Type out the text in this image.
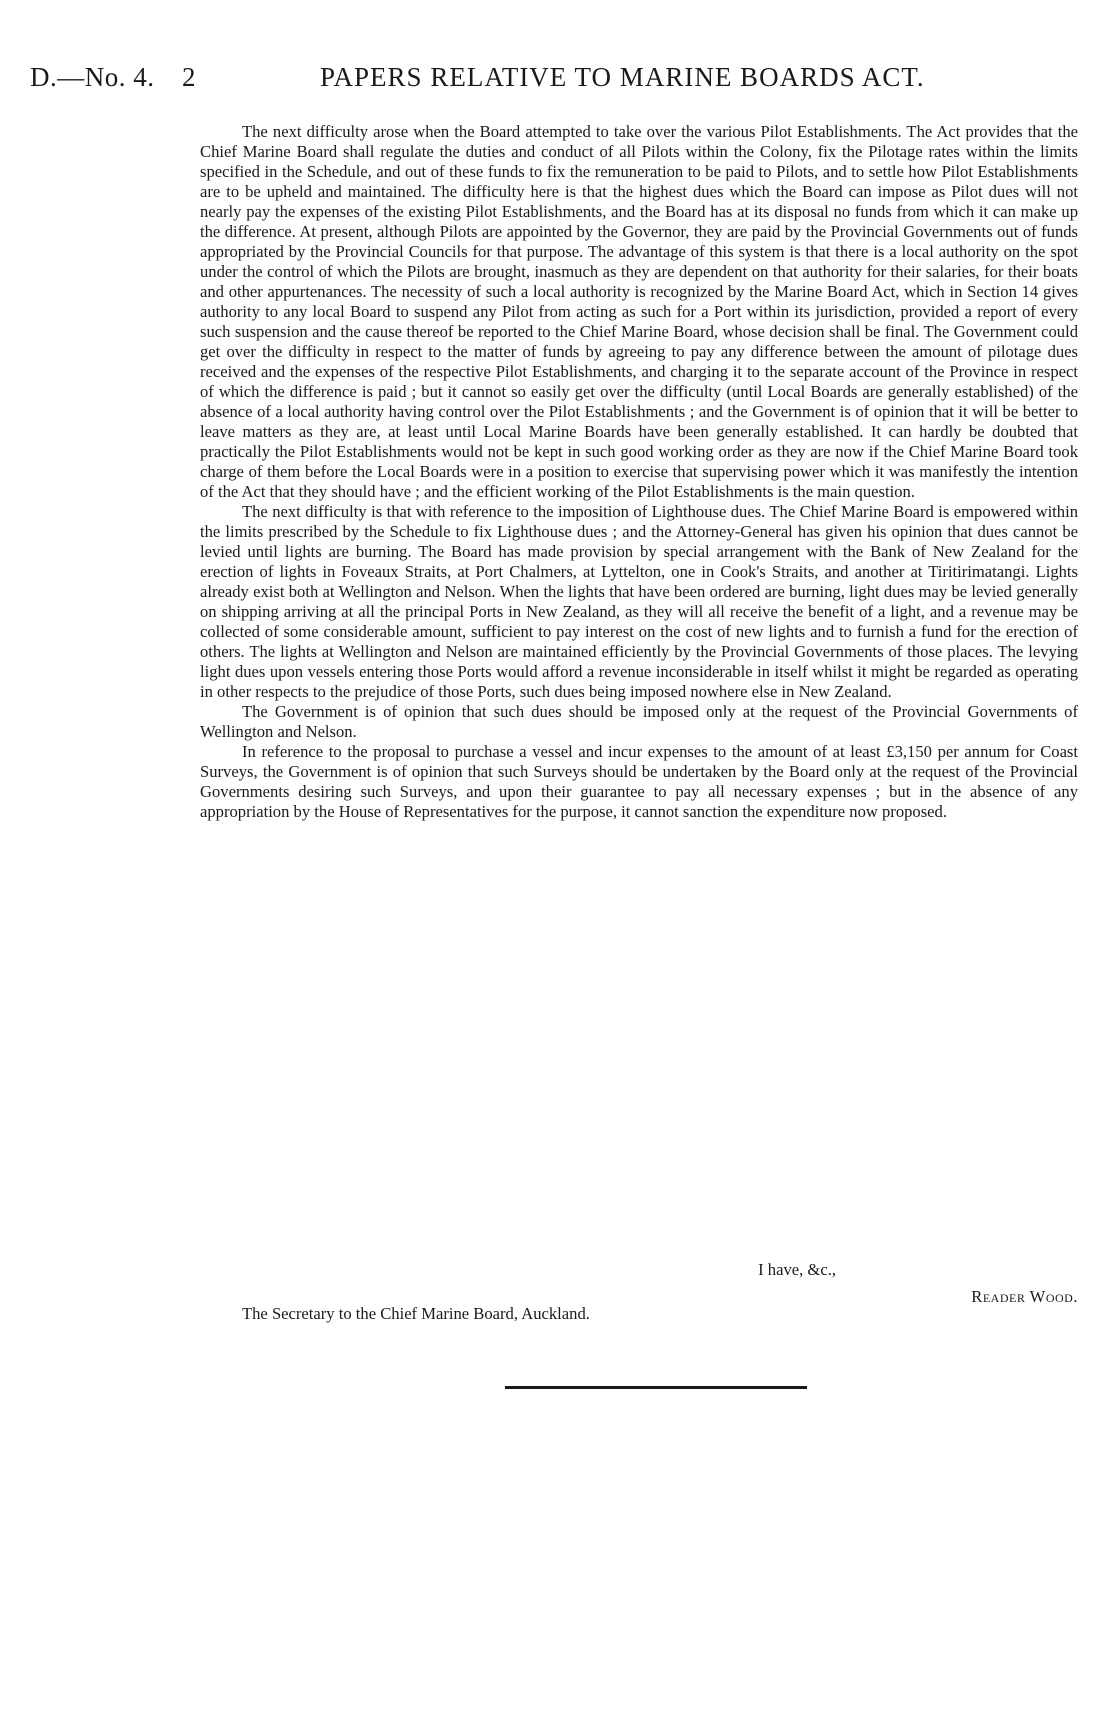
D.—No. 4. 2	PAPERS RELATIVE TO MARINE BOARDS ACT.

The next difficulty arose when the Board attempted to take over the various Pilot Establishments. The Act provides that the Chief Marine Board shall regulate the duties and conduct of all Pilots within the Colony, fix the Pilotage rates within the limits specified in the Schedule, and out of these funds to fix the remuneration to be paid to Pilots, and to settle how Pilot Establishments are to be upheld and maintained. The difficulty here is that the highest dues which the Board can impose as Pilot dues will not nearly pay the expenses of the existing Pilot Establishments, and the Board has at its disposal no funds from which it can make up the difference. At present, although Pilots are appointed by the Governor, they are paid by the Provincial Governments out of funds appropriated by the Provincial Councils for that purpose. The advantage of this system is that there is a local authority on the spot under the control of which the Pilots are brought, inasmuch as they are dependent on that authority for their salaries, for their boats and other appurtenances. The necessity of such a local authority is recognized by the Marine Board Act, which in Section 14 gives authority to any local Board to suspend any Pilot from acting as such for a Port within its jurisdiction, provided a report of every such suspension and the cause thereof be reported to the Chief Marine Board, whose decision shall be final. The Government could get over the difficulty in respect to the matter of funds by agreeing to pay any difference between the amount of pilotage dues received and the expenses of the respective Pilot Establishments, and charging it to the separate account of the Province in respect of which the difference is paid ; but it cannot so easily get over the difficulty (until Local Boards are generally established) of the absence of a local authority having control over the Pilot Establishments ; and the Government is of opinion that it will be better to leave matters as they are, at least until Local Marine Boards have been generally established. It can hardly be doubted that practically the Pilot Establishments would not be kept in such good working order as they are now if the Chief Marine Board took charge of them before the Local Boards were in a position to exercise that supervising power which it was manifestly the intention of the Act that they should have ; and the efficient working of the Pilot Establishments is the main question.

The next difficulty is that with reference to the imposition of Lighthouse dues. The Chief Marine Board is empowered within the limits prescribed by the Schedule to fix Lighthouse dues ; and the Attorney-General has given his opinion that dues cannot be levied until lights are burning. The Board has made provision by special arrangement with the Bank of New Zealand for the erection of lights in Foveaux Straits, at Port Chalmers, at Lyttelton, one in Cook's Straits, and another at Tiritirimatangi. Lights already exist both at Wellington and Nelson. When the lights that have been ordered are burning, light dues may be levied generally on shipping arriving at all the principal Ports in New Zealand, as they will all receive the benefit of a light, and a revenue may be collected of some considerable amount, sufficient to pay interest on the cost of new lights and to furnish a fund for the erection of others. The lights at Wellington and Nelson are maintained efficiently by the Provincial Governments of those places. The levying light dues upon vessels entering those Ports would afford a revenue inconsiderable in itself whilst it might be regarded as operating in other respects to the prejudice of those Ports, such dues being imposed nowhere else in New Zealand.

The Government is of opinion that such dues should be imposed only at the request of the Provincial Governments of Wellington and Nelson.

In reference to the proposal to purchase a vessel and incur expenses to the amount of at least £3,150 per annum for Coast Surveys, the Government is of opinion that such Surveys should be undertaken by the Board only at the request of the Provincial Governments desiring such Surveys, and upon their guarantee to pay all necessary expenses ; but in the absence of any appropriation by the House of Representatives for the purpose, it cannot sanction the expenditure now proposed.

I have, &c.,
Reader Wood.
The Secretary to the Chief Marine Board, Auckland.
